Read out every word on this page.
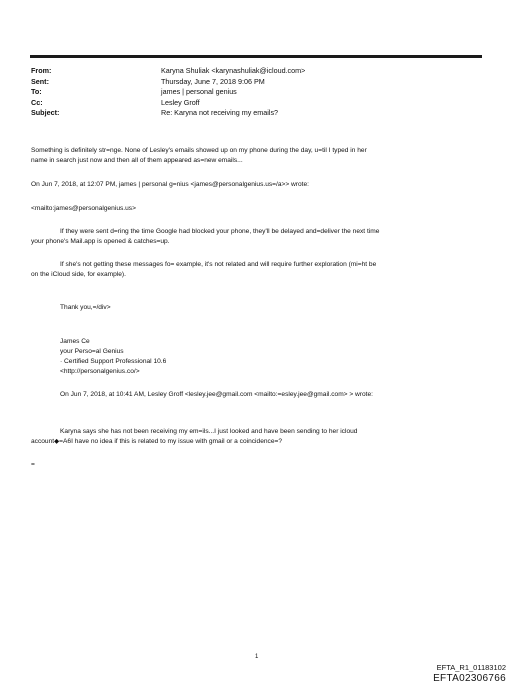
From:	Karyna Shuliak <karynashuliak@icloud.com>
Sent:	Thursday, June 7, 2018 9:06 PM
To:	james | personal genius
Cc:	Lesley Groff
Subject:	Re: Karyna not receiving my emails?
Something is definitely str=nge. None of Lesley's emails showed up on my phone during the day, u=til I typed in her
name in search just now and then all of them appeared as=new emails...
On Jun 7, 2018, at 12:07 PM, james | personal g=nius <james@personalgenius.us=/a>> wrote:
<mailto:james@personalgenius.us>
If they were sent d=ring the time Google had blocked your phone, they'll be delayed and=deliver the next time
your phone's Mail.app is opened & catches=up.
If she's not getting these messages fo= example, it's not related and will require further exploration (mi=ht be
on the iCloud side, for example).
Thank you,=/div>
James Ce
your Perso=al Genius
· Certified Support Professional 10.6
<http://personalgenius.co/>
On Jun 7, 2018, at 10:41 AM, Lesley Groff <lesley.jee@gmail.com <mailto:=esley.jee@gmail.com> > wrote:
Karyna says she has not been receiving my em=ils...I just looked and have been sending to her icloud
account◆=A6I have no idea if this is related to my issue with gmail or a coincidence=?
=
1
EFTA_R1_01183102
EFTA02306766
